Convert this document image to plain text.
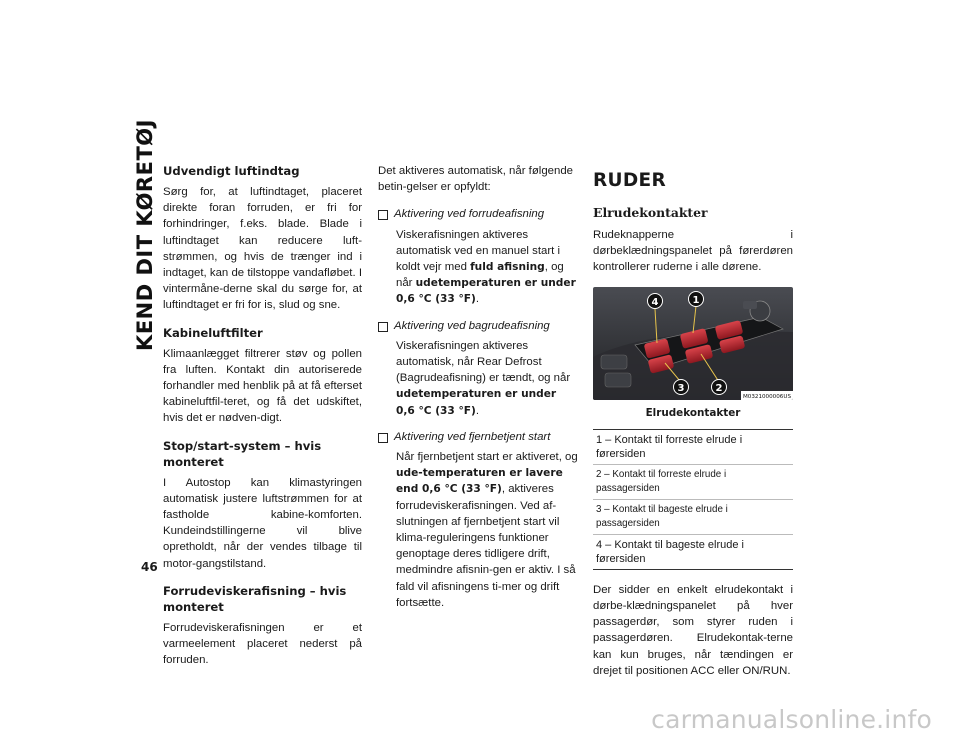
KEND DIT KØRETØJ
46
Udvendigt luftindtag

Sørg for, at luftindtaget, placeret direkte foran forruden, er fri for forhindringer, f.eks. blade. Blade i luftindtaget kan reducere luft-strømmen, og hvis de trænger ind i indtaget, kan de tilstoppe vandafløbet. I vintermåne-derne skal du sørge for, at luftindtaget er fri for is, slud og sne.

Kabineluftfilter

Klimaanlægget filtrerer støv og pollen fra luften. Kontakt din autoriserede forhandler med henblik på at få efterset kabineluftfil-teret, og få det udskiftet, hvis det er nødven-digt.

Stop/start-system – hvis monteret

I Autostop kan klimastyringen automatisk justere luftstrømmen for at fastholde kabine-komforten. Kundeindstillingerne vil blive opretholdt, når der vendes tilbage til motor-gangstilstand.

Forrudeviskerafisning – hvis monteret

Forrudeviskerafisningen er et varmeelement placeret nederst på forruden.

Det aktiveres automatisk, når følgende betin-gelser er opfyldt:

Aktivering ved forrudeafisning
Viskerafisningen aktiveres automatisk ved en manuel start i koldt vejr med fuld afisning, og når udetemperaturen er under 0,6 °C (33 °F).
Aktivering ved bagrudeafisning
Viskerafisningen aktiveres automatisk, når Rear Defrost (Bagrudeafisning) er tændt, og når udetemperaturen er under 0,6 °C (33 °F).
Aktivering ved fjernbetjent start
Når fjernbetjent start er aktiveret, og ude-temperaturen er lavere end 0,6 °C (33 °F), aktiveres forrudeviskerafisningen. Ved af-slutningen af fjernbetjent start vil klima-reguleringens funktioner genoptage deres tidligere drift, medmindre afisnin-gen er aktiv. I så fald vil afisningens ti-mer og drift fortsætte.
RUDER
Elrudekontakter

Rudeknapperne i dørbeklædningspanelet på førerdøren kontrollerer ruderne i alle dørene.

4	1
3	2
M0321000006US
Elrudekontakter
1 – Kontakt til forreste elrude i førersiden
2 – Kontakt til forreste elrude i passagersiden
3 – Kontakt til bageste elrude i passagersiden
4 – Kontakt til bageste elrude i førersiden

Der sidder en enkelt elrudekontakt i dørbe-klædningspanelet på hver passagerdør, som styrer ruden i passagerdøren. Elrudekontak-terne kan kun bruges, når tændingen er drejet til positionen ACC eller ON/RUN.

carmanualsonline.info
